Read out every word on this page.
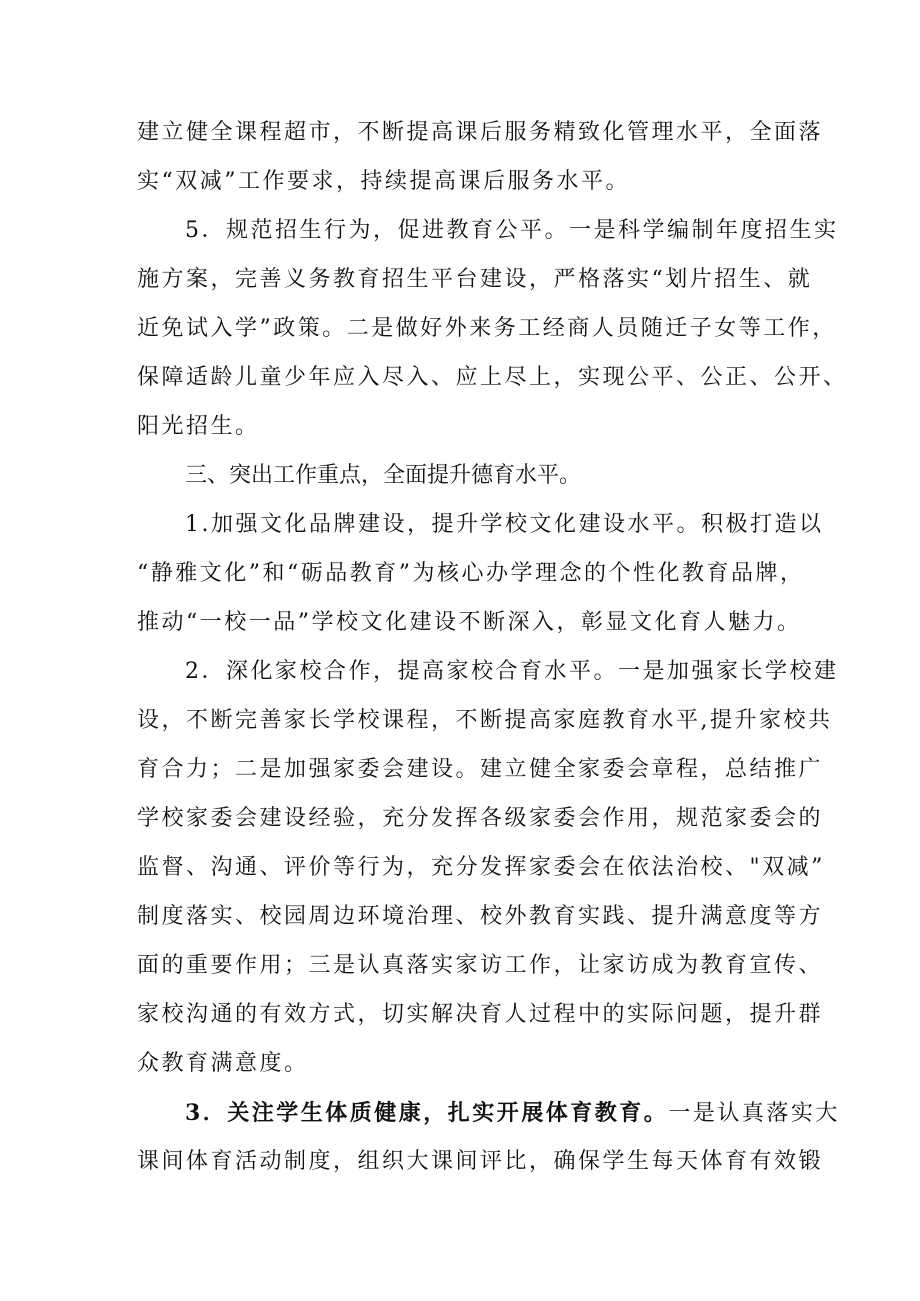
建立健全课程超市，不断提高课后服务精致化管理水平，全面落
实“双减”工作要求，持续提高课后服务水平。
5．规范招生行为，促进教育公平。一是科学编制年度招生实
施方案，完善义务教育招生平台建设，严格落实“划片招生、就
近免试入学”政策。二是做好外来务工经商人员随迁子女等工作，
保障适龄儿童少年应入尽入、应上尽上，实现公平、公正、公开、
阳光招生。
三、突出工作重点，全面提升德育水平。
1.加强文化品牌建设，提升学校文化建设水平。积极打造以
“静雅文化”和“砺品教育”为核心办学理念的个性化教育品牌，
推动“一校一品”学校文化建设不断深入，彰显文化育人魅力。
2．深化家校合作，提高家校合育水平。一是加强家长学校建
设，不断完善家长学校课程，不断提高家庭教育水平,提升家校共
育合力；二是加强家委会建设。建立健全家委会章程，总结推广
学校家委会建设经验，充分发挥各级家委会作用，规范家委会的
监督、沟通、评价等行为，充分发挥家委会在依法治校、"双减”
制度落实、校园周边环境治理、校外教育实践、提升满意度等方
面的重要作用；三是认真落实家访工作，让家访成为教育宣传、
家校沟通的有效方式，切实解决育人过程中的实际问题，提升群
众教育满意度。
3．关注学生体质健康，扎实开展体育教育。一是认真落实大
课间体育活动制度，组织大课间评比，确保学生每天体育有效锻
